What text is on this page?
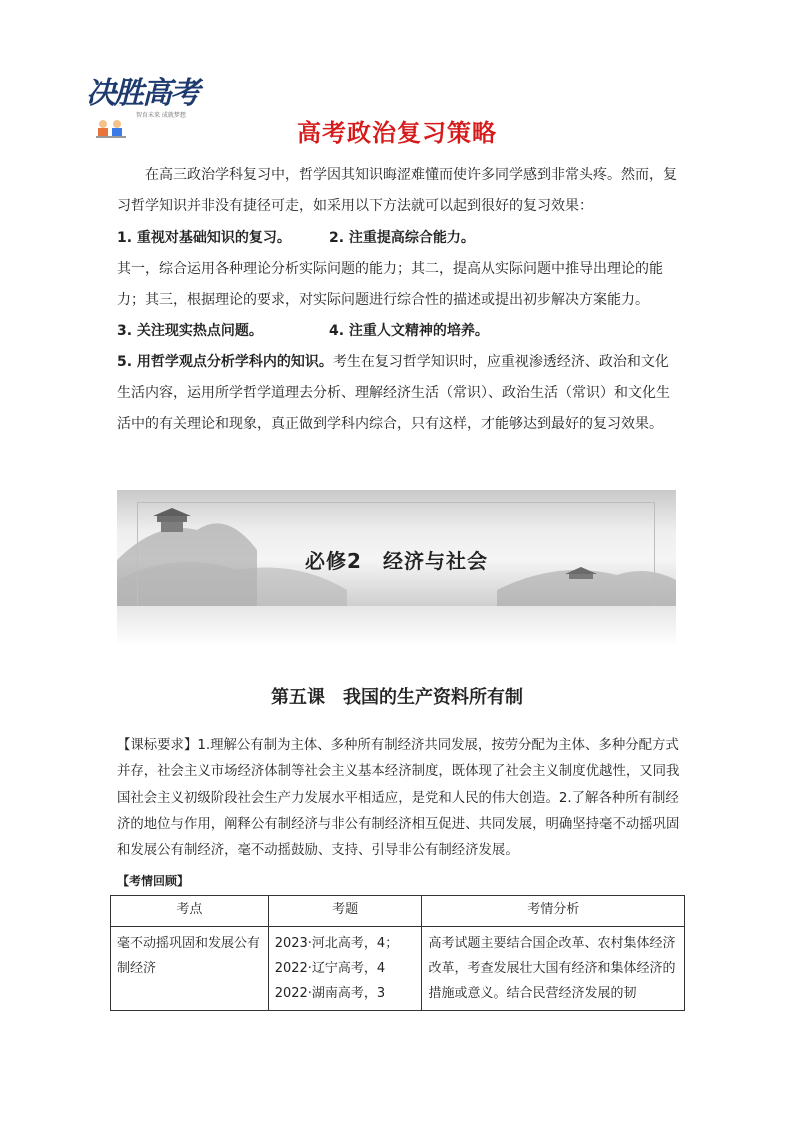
决胜高考
智育未来 成就梦想
高考政治复习策略
在高三政治学科复习中，哲学因其知识晦涩难懂而使许多同学感到非常头疼。然而，复习哲学知识并非没有捷径可走，如采用以下方法就可以起到很好的复习效果：
1. 重视对基础知识的复习。	2. 注重提高综合能力。
其一，综合运用各种理论分析实际问题的能力；其二，提高从实际问题中推导出理论的能力；其三，根据理论的要求，对实际问题进行综合性的描述或提出初步解决方案能力。
3. 关注现实热点问题。	4. 注重人文精神的培养。
5. 用哲学观点分析学科内的知识。考生在复习哲学知识时，应重视渗透经济、政治和文化生活内容，运用所学哲学道理去分析、理解经济生活（常识）、政治生活（常识）和文化生活中的有关理论和现象，真正做到学科内综合，只有这样，才能够达到最好的复习效果。
必修2　经济与社会
第五课　我国的生产资料所有制
【课标要求】1.理解公有制为主体、多种所有制经济共同发展，按劳分配为主体、多种分配方式并存，社会主义市场经济体制等社会主义基本经济制度，既体现了社会主义制度优越性，又同我国社会主义初级阶段社会生产力发展水平相适应，是党和人民的伟大创造。2.了解各种所有制经济的地位与作用，阐释公有制经济与非公有制经济相互促进、共同发展，明确坚持毫不动摇巩固和发展公有制经济，毫不动摇鼓励、支持、引导非公有制经济发展。
【考情回顾】
考点	考题	考情分析
毫不动摇巩固和发展公有制经济	2023·河北高考，4；
2022·辽宁高考，4
2022·湖南高考，3	高考试题主要结合国企改革、农村集体经济改革，考查发展壮大国有经济和集体经济的措施或意义。结合民营经济发展的韧
